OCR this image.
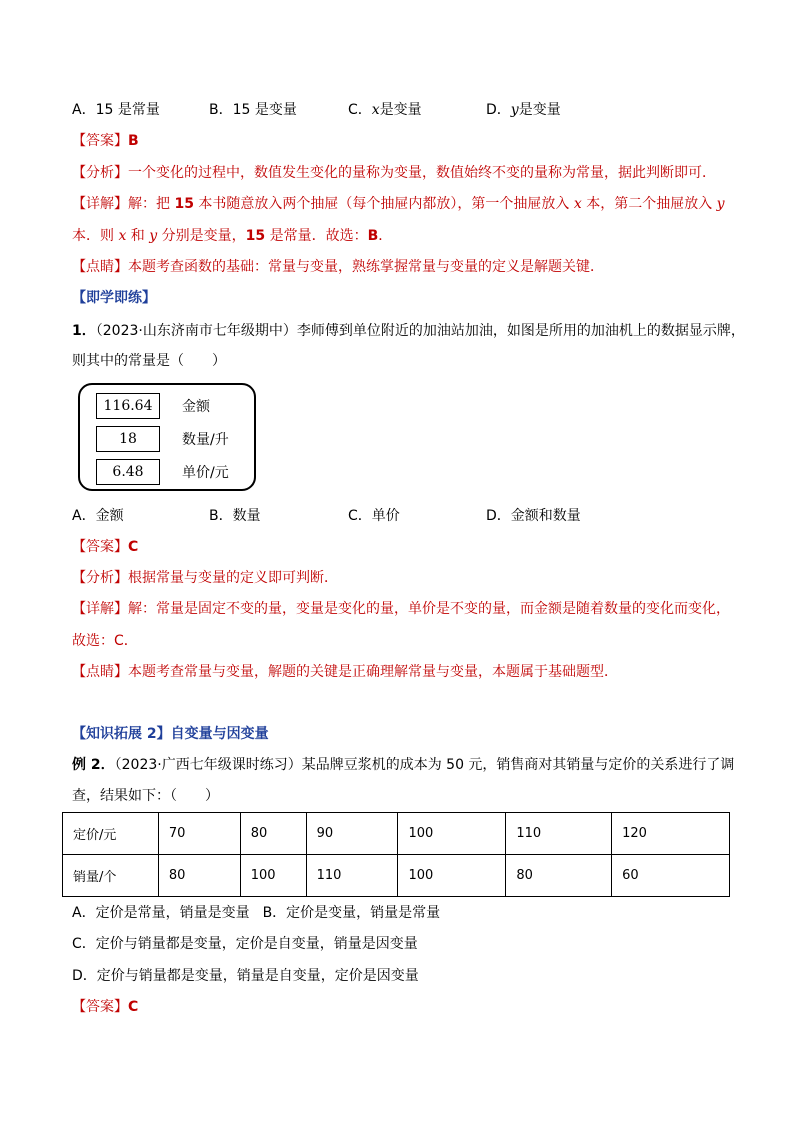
A．15 是常量	B．15 是变量	C．x是变量	D．y是变量
【答案】B
【分析】一个变化的过程中，数值发生变化的量称为变量，数值始终不变的量称为常量，据此判断即可．
【详解】解：把 15 本书随意放入两个抽屉（每个抽屉内都放），第一个抽屉放入 x 本，第二个抽屉放入 y
本．则 x 和 y 分别是变量，15 是常量．故选：B．
【点睛】本题考查函数的基础：常量与变量，熟练掌握常量与变量的定义是解题关键．
【即学即练】
1．（2023·山东济南市七年级期中）李师傅到单位附近的加油站加油，如图是所用的加油机上的数据显示牌，
则其中的常量是（　　）
116.64	金额
18	数量/升
6.48	单价/元
A．金额	B．数量	C．单价	D．金额和数量
【答案】C
【分析】根据常量与变量的定义即可判断．
【详解】解：常量是固定不变的量，变量是变化的量，单价是不变的量，而金额是随着数量的变化而变化，
故选：C．
【点睛】本题考查常量与变量，解题的关键是正确理解常量与变量，本题属于基础题型．
【知识拓展 2】自变量与因变量
例 2．（2023·广西七年级课时练习）某品牌豆浆机的成本为 50 元，销售商对其销量与定价的关系进行了调
查，结果如下：（　　）
定价/元	70	80	90	100	110	120
销量/个	80	100	110	100	80	60
A．定价是常量，销量是变量 B．定价是变量，销量是常量
C．定价与销量都是变量，定价是自变量，销量是因变量
D．定价与销量都是变量，销量是自变量，定价是因变量
【答案】C
